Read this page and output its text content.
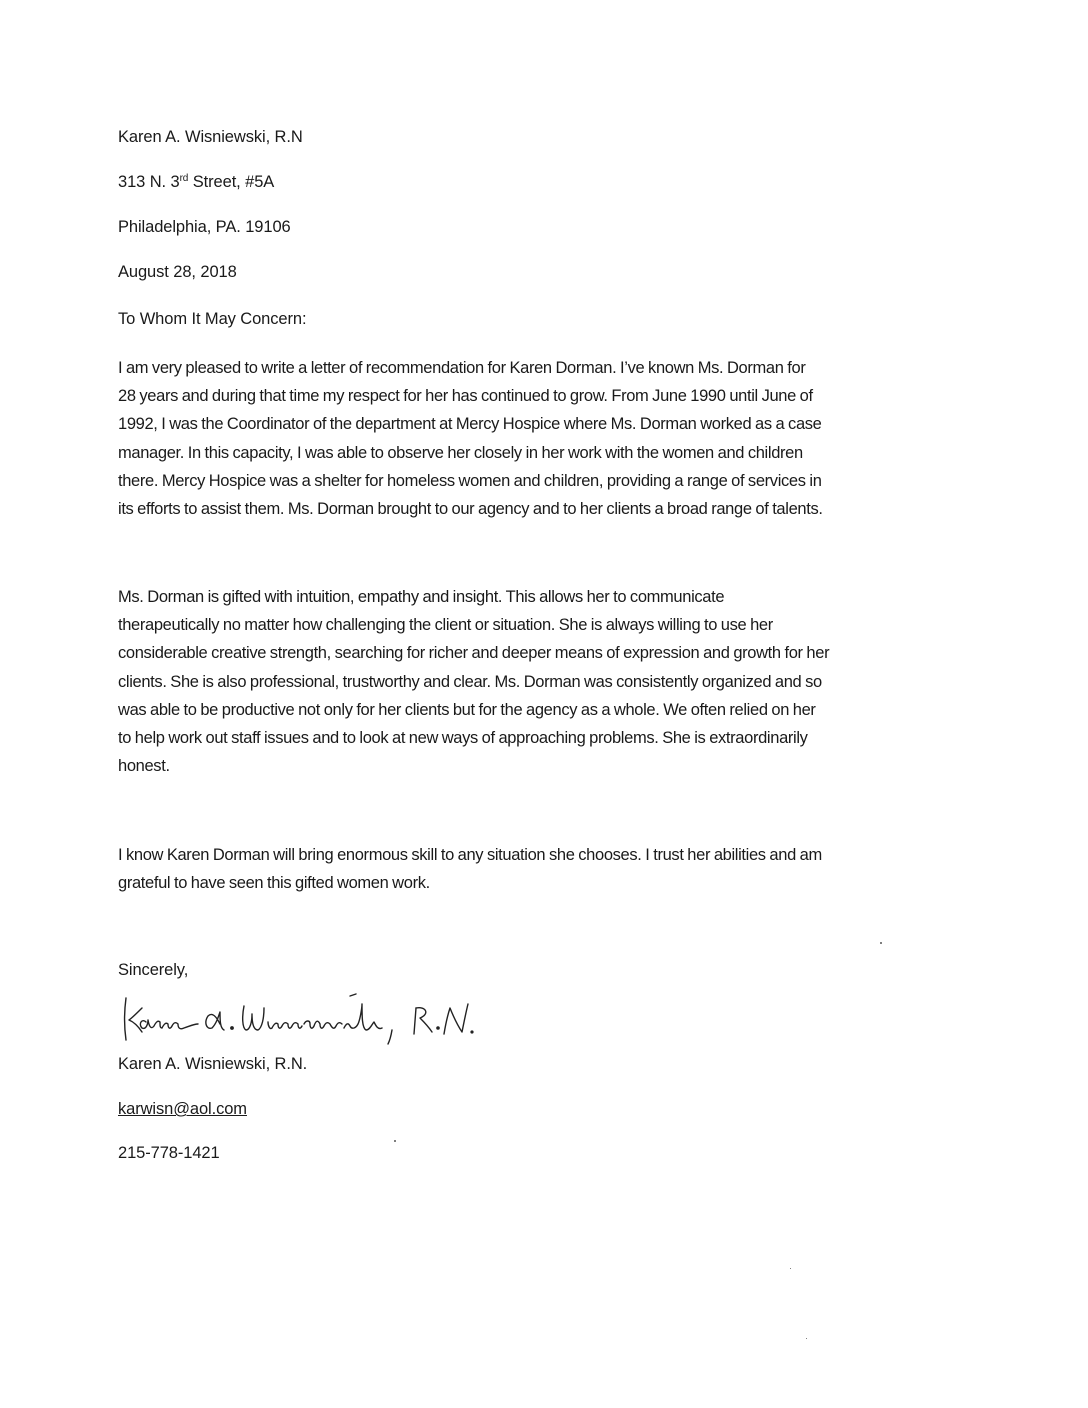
Karen A. Wisniewski, R.N
313 N. 3rd Street, #5A
Philadelphia, PA. 19106
August 28, 2018
To Whom It May Concern:
I am very pleased to write a letter of recommendation for Karen Dorman. I’ve known Ms. Dorman for
28 years and during that time my respect for her has continued to grow. From June 1990 until June of
1992, I was the Coordinator of the department at Mercy Hospice where Ms. Dorman worked as a case
manager. In this capacity, I was able to observe her closely in her work with the women and children
there. Mercy Hospice was a shelter for homeless women and children, providing a range of services in
its efforts to assist them. Ms. Dorman brought to our agency and to her clients a broad range of talents.
Ms. Dorman is gifted with intuition, empathy and insight. This allows her to communicate
therapeutically no matter how challenging the client or situation. She is always willing to use her
considerable creative strength, searching for richer and deeper means of expression and growth for her
clients. She is also professional, trustworthy and clear. Ms. Dorman was consistently organized and so
was able to be productive not only for her clients but for the agency as a whole. We often relied on her
to help work out staff issues and to look at new ways of approaching problems. She is extraordinarily
honest.
I know Karen Dorman will bring enormous skill to any situation she chooses. I trust her abilities and am
grateful to have seen this gifted women work.
Sincerely,
Karen A. Wisniewski, R.N.
karwisn@aol.com
215-778-1421
